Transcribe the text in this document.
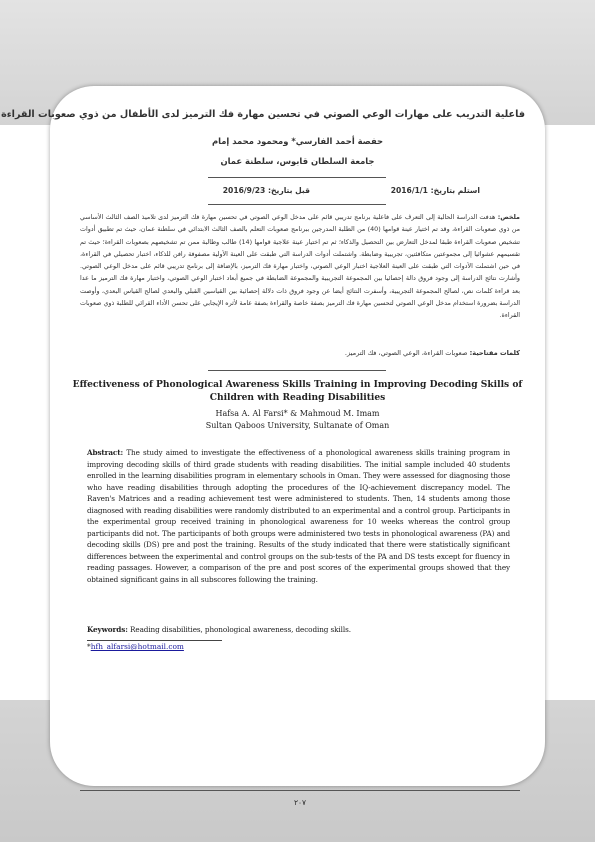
فاعلية التدريب على مهارات الوعي الصوتي في تحسين مهارة فك الترميز لدى الأطفال من ذوي صعوبات القراءة
حفصة أحمد الفارسي* ومحمود محمد إمام
جامعة السلطان قابوس، سلطنة عمان
استلم بتاريخ: 2016/1/1
قبل بتاريخ: 2016/9/23
ملخص: هدفت الدراسة الحالية إلى التعرف على فاعلية برنامج تدريبي قائم على مدخل الوعي الصوتي في تحسين مهارة فك الترميز لدى تلاميذ الصف الثالث الأساسي من ذوي صعوبات القراءة، وقد تم اختيار عينة قوامها (40) من الطلبة المدرجين ببرنامج صعوبات التعلم بالصف الثالث الابتدائي في سلطنة عمان، حيث تم تطبيق أدوات تشخيص صعوبات القراءة طبقا لمدخل التعارض بين التحصيل والذكاء؛ ثم تم اختيار عينة علاجية قوامها (14) طالب وطالبة ممن تم تشخيصهم بصعوبات القراءة؛ حيث تم تقسيمهم عشوائيا إلى مجموعتين متكافئتين، تجريبية وضابطة. واشتملت أدوات الدراسة التي طبقت على العينة الأولية مصفوفة رافن للذكاء، اختبار تحصيلي في القراءة، في حين اشتملت الأدوات التي طبقت على العينة العلاجية اختبار الوعي الصوتي، واختبار مهارة فك الترميز، بالإضافة إلى برنامج تدريبي قائم على مدخل الوعي الصوتي. وأشارت نتائج الدراسة إلى وجود فروق دالة إحصائيا بين المجموعة التجريبية والمجموعة الضابطة في جميع أبعاد اختبار الوعي الصوتي، واختبار مهارة فك الترميز ما عدا بعد قراءة كلمات نص، لصالح المجموعة التجريبية، وأسفرت النتائج أيضا عن وجود فروق ذات دلالة إحصائية بين القياسين القبلي والبعدي لصالح القياس البعدي، وأوصت الدراسة بضرورة استخدام مدخل الوعي الصوتي لتحسين مهارة فك الترميز بصفة خاصة والقراءة بصفة عامة لأثره الإيجابي على تحسن الأداء القرائي للطلبة ذوي صعوبات القراءة.
كلمات مفتاحية: صعوبات القراءة، الوعي الصوتي، فك الترميز.
Effectiveness of Phonological Awareness Skills Training in Improving Decoding Skills of Children with Reading Disabilities
Hafsa A. Al Farsi* & Mahmoud M. Imam
Sultan Qaboos University, Sultanate of Oman
Abstract: The study aimed to investigate the effectiveness of a phonological awareness skills training program in improving decoding skills of third grade students with reading disabilities. The initial sample included 40 students enrolled in the learning disabilities program in elementary schools in Oman. They were assessed for diagnosing those who have reading disabilities through adopting the procedures of the IQ-achievement discrepancy model. The Raven's Matrices and a reading achievement test were administered to students. Then, 14 students among those diagnosed with reading disabilities were randomly distributed to an experimental and a control group. Participants in the experimental group received training in phonological awareness for 10 weeks whereas the control group participants did not. The participants of both groups were administered two tests in phonological awareness (PA) and decoding skills (DS) pre and post the training. Results of the study indicated that there were statistically significant differences between the experimental and control groups on the sub-tests of the PA and DS tests except for fluency in reading passages. However, a comparison of the pre and post scores of the experimental groups showed that they obtained significant gains in all subscores following the training.
Keywords: Reading disabilities, phonological awareness, decoding skills.
*hfh_alfarsi@hotmail.com
٢٠٧
